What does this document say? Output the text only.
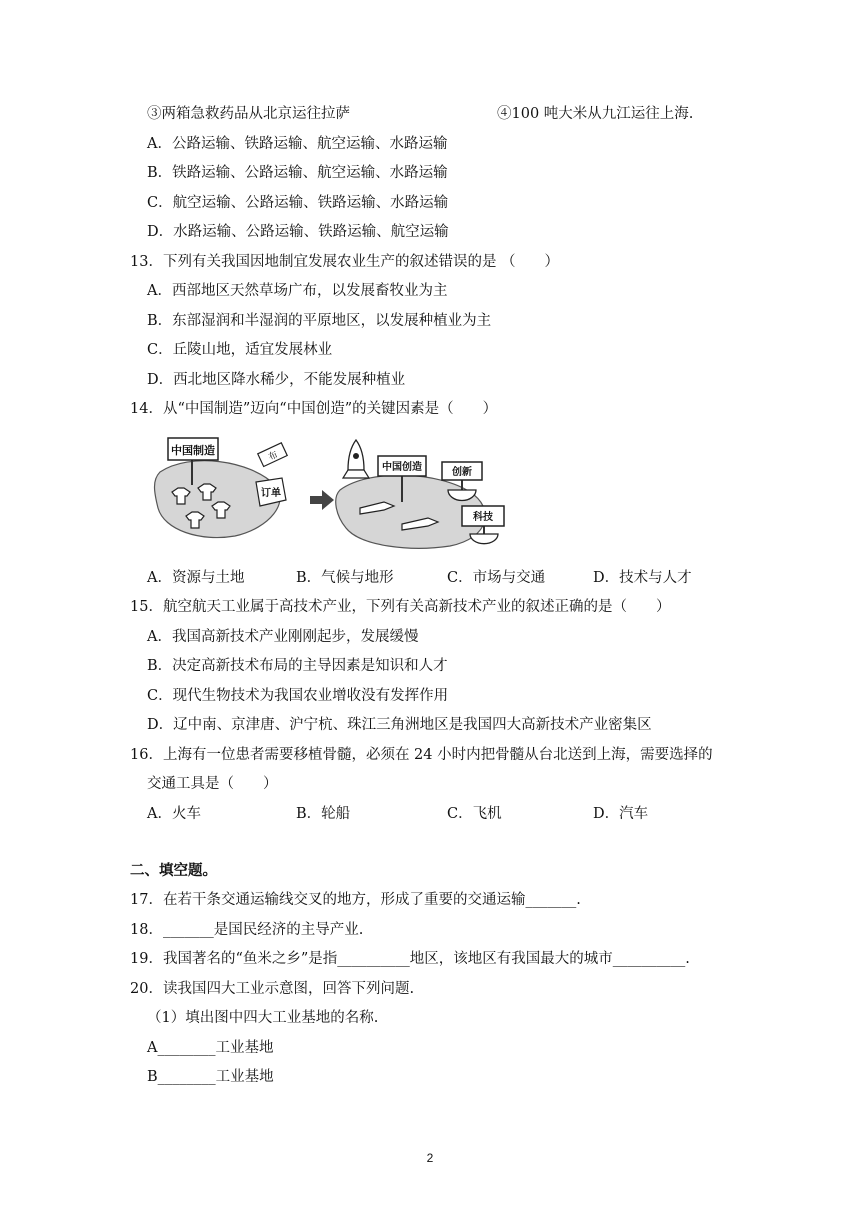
③两箱急救药品从北京运往拉萨	④100 吨大米从九江运往上海.
A．公路运输、铁路运输、航空运输、水路运输
B．铁路运输、公路运输、航空运输、水路运输
C．航空运输、公路运输、铁路运输、水路运输
D．水路运输、公路运输、铁路运输、航空运输
13．下列有关我国因地制宜发展农业生产的叙述错误的是 （　　）
A．西部地区天然草场广布，以发展畜牧业为主
B．东部湿润和半湿润的平原地区，以发展种植业为主
C．丘陵山地，适宜发展林业
D．西北地区降水稀少，不能发展种植业
14．从“中国制造”迈向“中国创造”的关键因素是（　　）
中国制造	布
订单
中国创造	创新
科技
A．资源与土地	B．气候与地形	C．市场与交通	D．技术与人才
15．航空航天工业属于高技术产业，下列有关高新技术产业的叙述正确的是（　　）
A．我国高新技术产业刚刚起步，发展缓慢
B．决定高新技术布局的主导因素是知识和人才
C．现代生物技术为我国农业增收没有发挥作用
D．辽中南、京津唐、沪宁杭、珠江三角洲地区是我国四大高新技术产业密集区
16．上海有一位患者需要移植骨髓，必须在 24 小时内把骨髓从台北送到上海，需要选择的
交通工具是（　　）
A．火车	B．轮船	C．飞机	D．汽车
二、填空题。
17．在若干条交通运输线交叉的地方，形成了重要的交通运输_______.
18．_______是国民经济的主导产业.
19．我国著名的“鱼米之乡”是指__________地区，该地区有我国最大的城市__________.
20．读我国四大工业示意图，回答下列问题.
（1）填出图中四大工业基地的名称.
A________工业基地
B________工业基地
2
